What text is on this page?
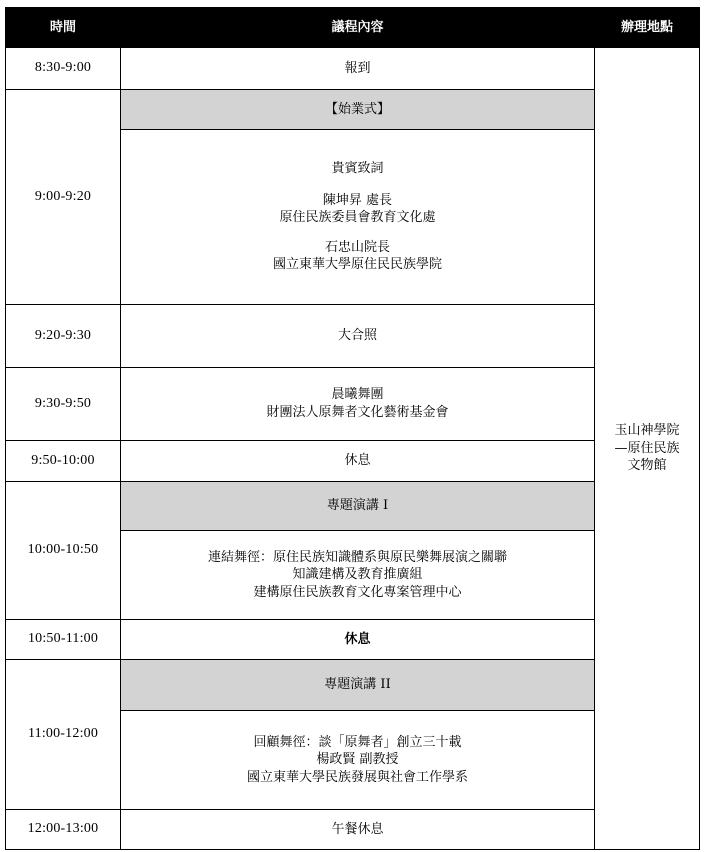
時間	議程內容	辦理地點
8:30-9:00	報到	玉山神學院
—原住民族
文物館

9:00-9:20	【始業式】	

	貴賓致詞
陳坤昇 處長
原住民族委員會教育文化處
石忠山院長
國立東華大學原住民民族學院	

9:20-9:30	大合照	
9:30-9:50	晨曦舞團
財團法人原舞者文化藝術基金會	

9:50-10:00	休息	
10:00-10:50	專題演講 I	

	連結舞徑：原住民族知識體系與原民樂舞展演之關聯
知識建構及教育推廣組
建構原住民族教育文化專案管理中心	

10:50-11:00	休息	
11:00-12:00	專題演講 II	

	回顧舞徑：談「原舞者」創立三十載
楊政賢 副教授
國立東華大學民族發展與社會工作學系	

12:00-13:00	午餐休息	
